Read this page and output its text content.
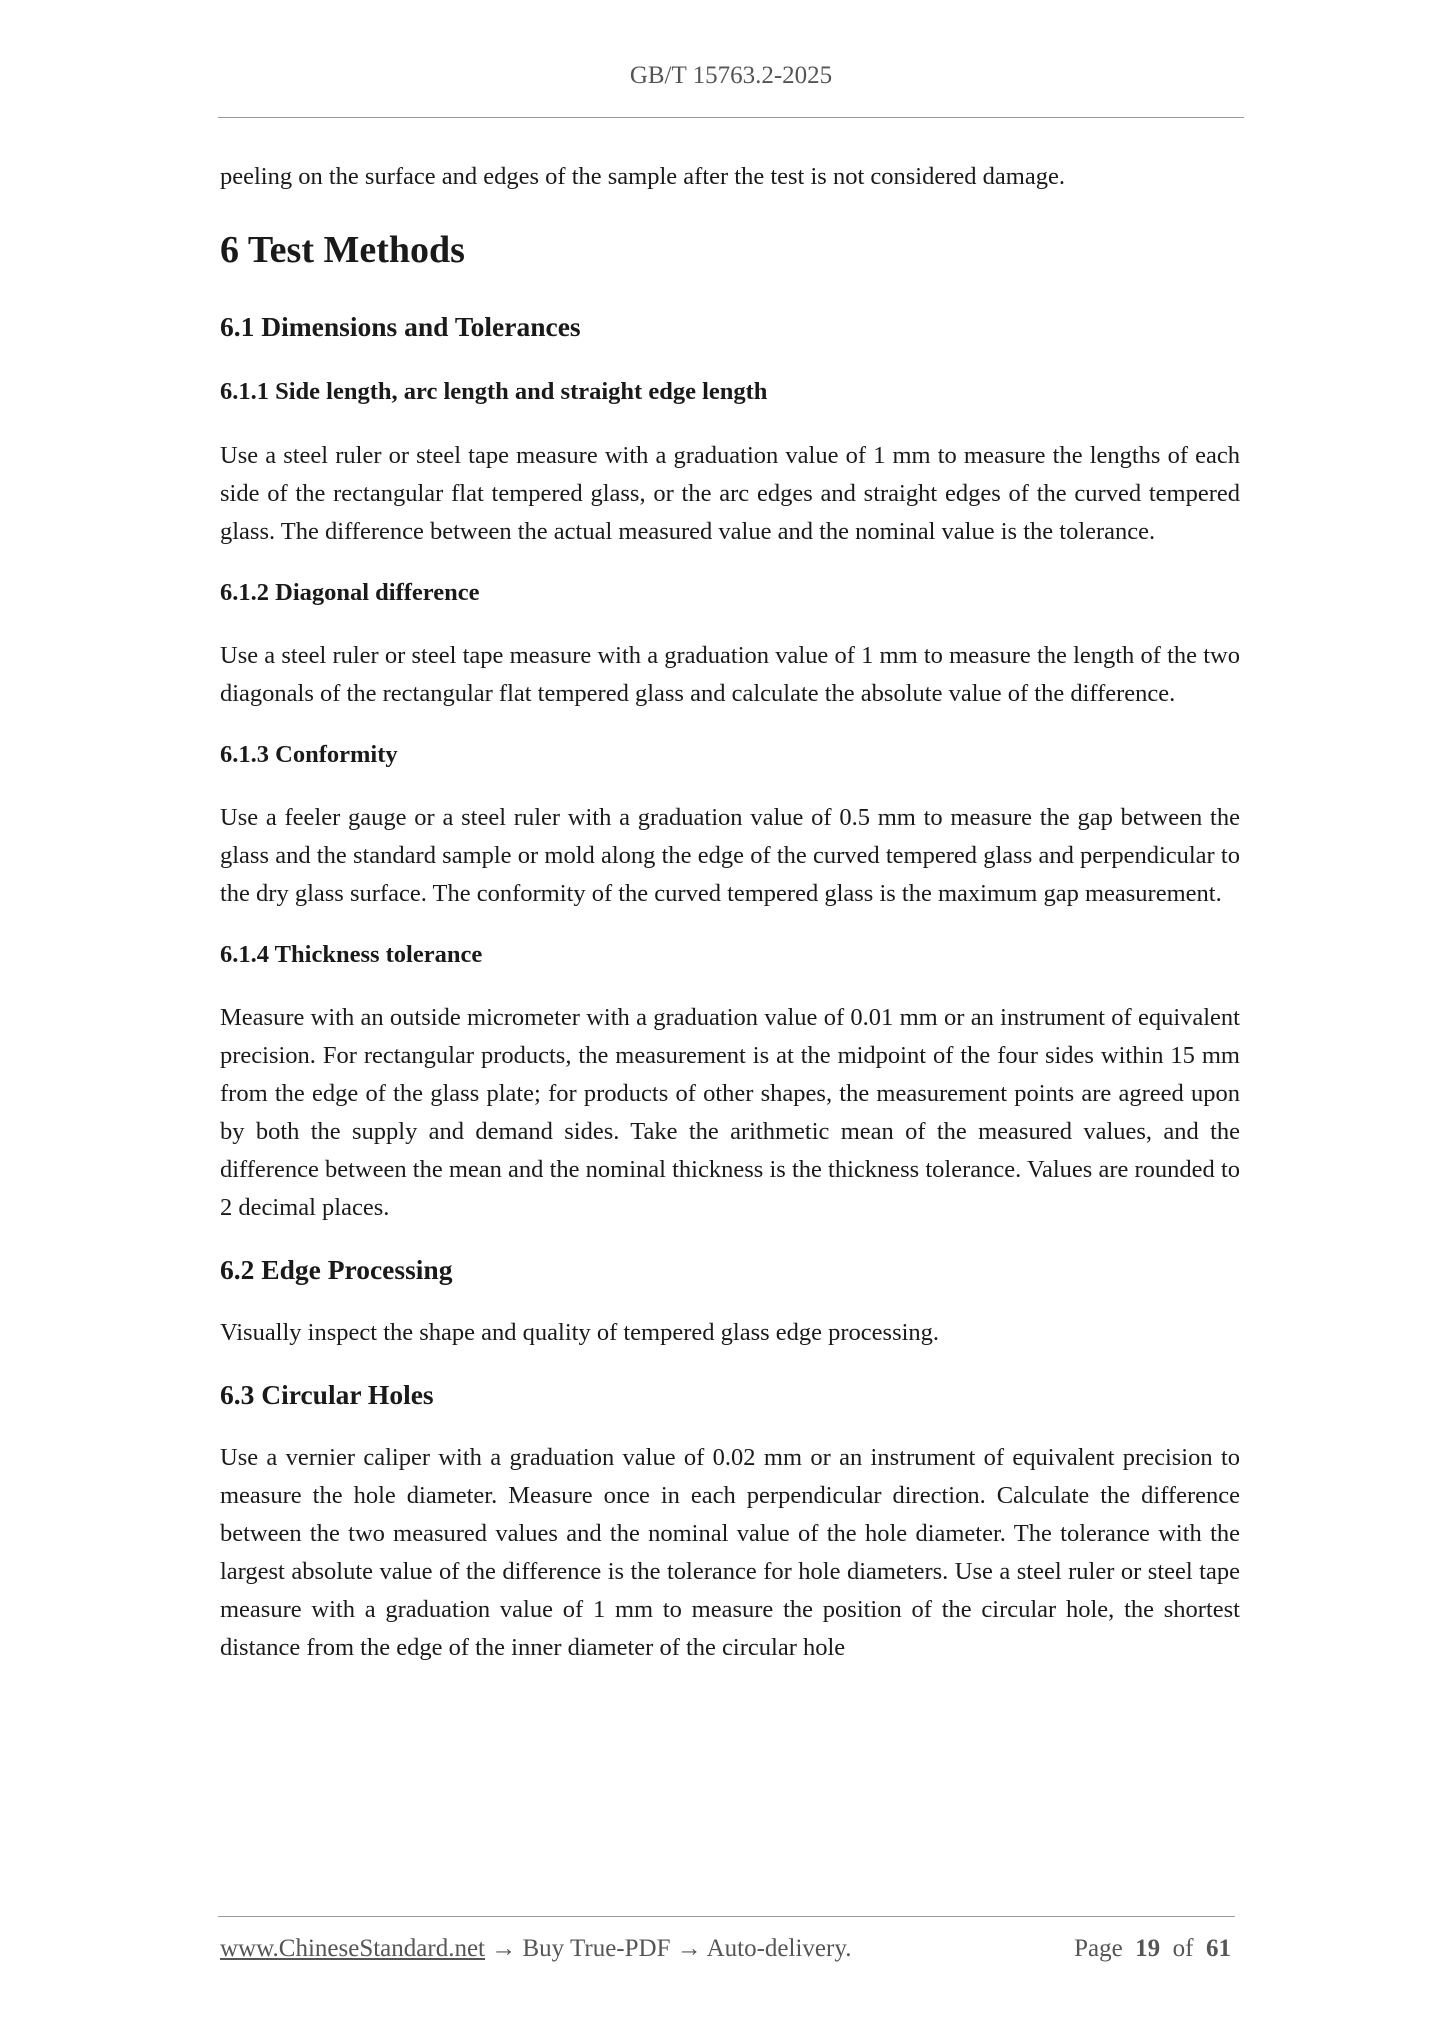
GB/T 15763.2-2025

peeling on the surface and edges of the sample after the test is not considered damage.

6 Test Methods
6.1 Dimensions and Tolerances
6.1.1 Side length, arc length and straight edge length

Use a steel ruler or steel tape measure with a graduation value of 1 mm to measure the lengths of each side of the rectangular flat tempered glass, or the arc edges and straight edges of the curved tempered glass. The difference between the actual measured value and the nominal value is the tolerance.

6.1.2 Diagonal difference

Use a steel ruler or steel tape measure with a graduation value of 1 mm to measure the length of the two diagonals of the rectangular flat tempered glass and calculate the absolute value of the difference.

6.1.3 Conformity

Use a feeler gauge or a steel ruler with a graduation value of 0.5 mm to measure the gap between the glass and the standard sample or mold along the edge of the curved tempered glass and perpendicular to the dry glass surface. The conformity of the curved tempered glass is the maximum gap measurement.

6.1.4 Thickness tolerance

Measure with an outside micrometer with a graduation value of 0.01 mm or an instrument of equivalent precision. For rectangular products, the measurement is at the midpoint of the four sides within 15 mm from the edge of the glass plate; for products of other shapes, the measurement points are agreed upon by both the supply and demand sides. Take the arithmetic mean of the measured values, and the difference between the mean and the nominal thickness is the thickness tolerance. Values are rounded to 2 decimal places.

6.2 Edge Processing

Visually inspect the shape and quality of tempered glass edge processing.

6.3 Circular Holes

Use a vernier caliper with a graduation value of 0.02 mm or an instrument of equivalent precision to measure the hole diameter. Measure once in each perpendicular direction. Calculate the difference between the two measured values and the nominal value of the hole diameter. The tolerance with the largest absolute value of the difference is the tolerance for hole diameters. Use a steel ruler or steel tape measure with a graduation value of 1 mm to measure the position of the circular hole, the shortest distance from the edge of the inner diameter of the circular hole

www.ChineseStandard.net → Buy True-PDF → Auto-delivery.	Page 19 of 61
